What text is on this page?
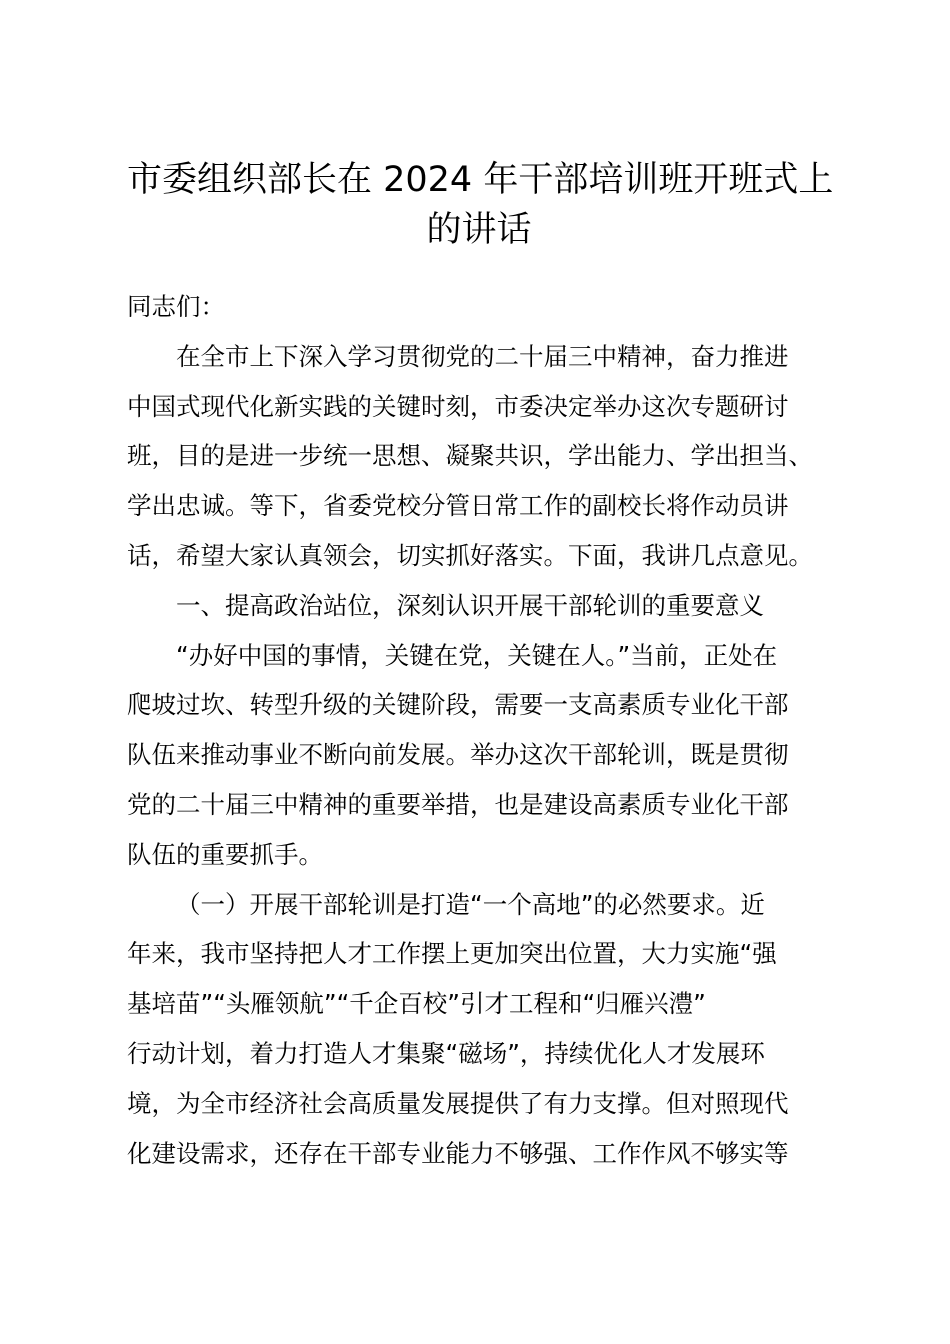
市委组织部长在 2024 年干部培训班开班式上
的讲话
同志们：
在全市上下深入学习贯彻党的二十届三中精神，奋力推进
中国式现代化新实践的关键时刻，市委决定举办这次专题研讨
班，目的是进一步统一思想、凝聚共识，学出能力、学出担当、
学出忠诚。等下，省委党校分管日常工作的副校长将作动员讲
话，希望大家认真领会，切实抓好落实。下面，我讲几点意见。
一、提高政治站位，深刻认识开展干部轮训的重要意义
“办好中国的事情，关键在党，关键在人。”当前，正处在
爬坡过坎、转型升级的关键阶段，需要一支高素质专业化干部
队伍来推动事业不断向前发展。举办这次干部轮训，既是贯彻
党的二十届三中精神的重要举措，也是建设高素质专业化干部
队伍的重要抓手。
（一）开展干部轮训是打造“一个高地”的必然要求。近
年来，我市坚持把人才工作摆上更加突出位置，大力实施“强
基培苗”“头雁领航”“千企百校”引才工程和“归雁兴澧”
行动计划，着力打造人才集聚“磁场”，持续优化人才发展环
境，为全市经济社会高质量发展提供了有力支撑。但对照现代
化建设需求，还存在干部专业能力不够强、工作作风不够实等
